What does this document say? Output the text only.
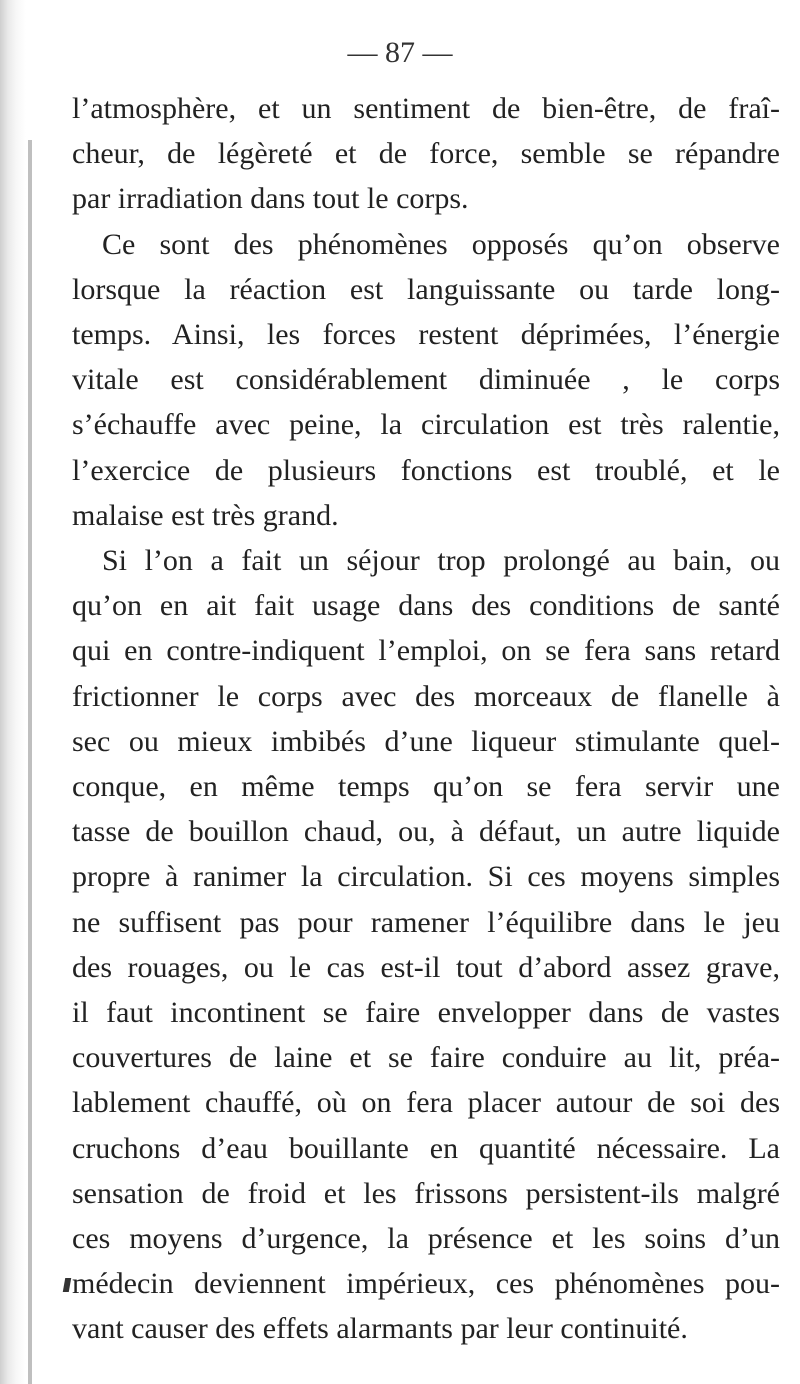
— 87 —
l’atmosphère, et un sentiment de bien-être, de fraî-
cheur, de légèreté et de force, semble se répandre
par irradiation dans tout le corps.
Ce sont des phénomènes opposés qu’on observe
lorsque la réaction est languissante ou tarde long-
temps. Ainsi, les forces restent déprimées, l’énergie
vitale est considérablement diminuée , le corps
s’échauffe avec peine, la circulation est très ralentie,
l’exercice de plusieurs fonctions est troublé, et le
malaise est très grand.
Si l’on a fait un séjour trop prolongé au bain, ou
qu’on en ait fait usage dans des conditions de santé
qui en contre-indiquent l’emploi, on se fera sans retard
frictionner le corps avec des morceaux de flanelle à
sec ou mieux imbibés d’une liqueur stimulante quel-
conque, en même temps qu’on se fera servir une
tasse de bouillon chaud, ou, à défaut, un autre liquide
propre à ranimer la circulation. Si ces moyens simples
ne suffisent pas pour ramener l’équilibre dans le jeu
des rouages, ou le cas est-il tout d’abord assez grave,
il faut incontinent se faire envelopper dans de vastes
couvertures de laine et se faire conduire au lit, préa-
lablement chauffé, où on fera placer autour de soi des
cruchons d’eau bouillante en quantité nécessaire. La
sensation de froid et les frissons persistent-ils malgré
ces moyens d’urgence, la présence et les soins d’un
médecin deviennent impérieux, ces phénomènes pou-
vant causer des effets alarmants par leur continuité.
